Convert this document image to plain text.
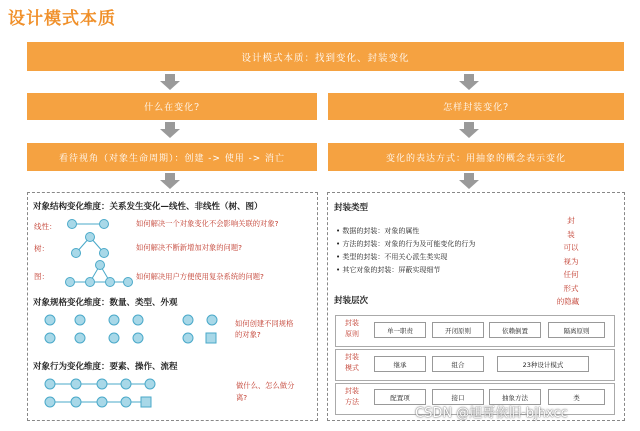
设计模式本质
设计模式本质：找到变化、封装变化
什么在变化?	怎样封装变化?
看待视角（对象生命周期）：创建 -> 使用 -> 消亡	变化的表达方式：用抽象的概念表示变化
对象结构变化维度：关系发生变化—线性、非线性（树、图）
线性：	如何解决一个对象变化不会影响关联的对象?
树：	如何解决不断新增加对象的问题?
图：	如何解决用户方便使用复杂系统的问题?
对象规格变化维度：数量、类型、外观
如何创建不同规格的对象?
对象行为变化维度：要素、操作、流程
做什么、怎么做分离?
封装类型
• 数据的封装：对象的属性
• 方法的封装：对象的行为及可能变化的行为
• 类型的封装：不用关心派生类实现
• 其它对象的封装：屏蔽实现细节
封
装
可以
视为
任何
形式
的隐藏
封装层次
封装
原则	单一职责	开闭原则	依赖倒置	隔离原则
封装
模式	继承	组合	23种设计模式
封装
方法
配置项	接口	抽象方法	类
CSDN @旭哥依旧-bjhxcc
